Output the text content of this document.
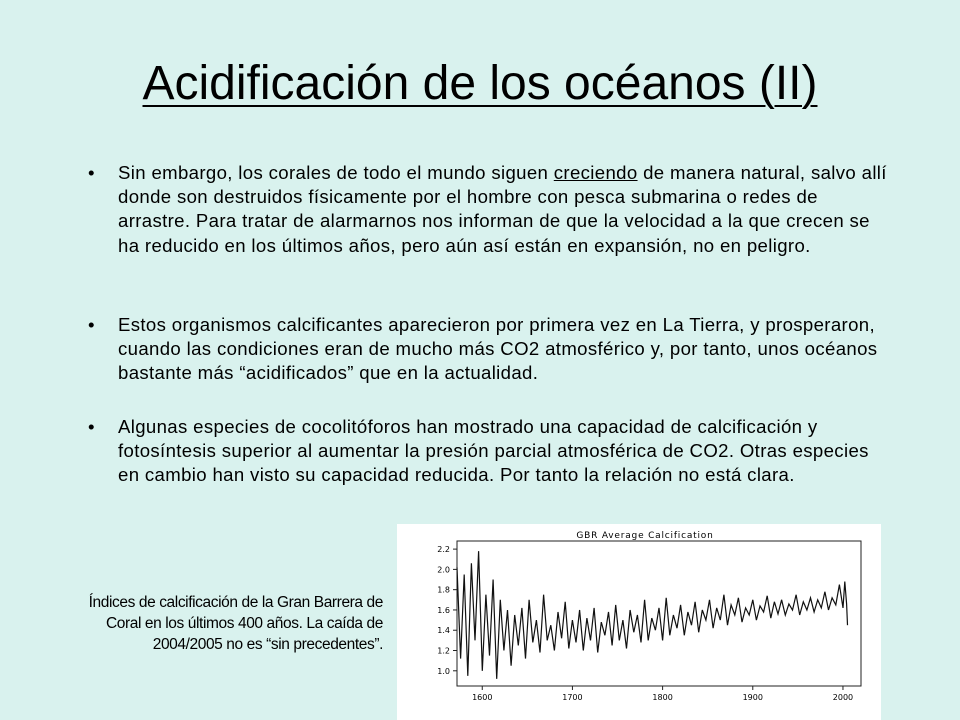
Acidificación de los océanos (II)
• Sin embargo, los corales de todo el mundo siguen creciendo de manera natural, salvo allí donde son destruidos físicamente por el hombre con pesca submarina o redes de arrastre. Para tratar de alarmarnos nos informan de que la velocidad a la que crecen se ha reducido en los últimos años, pero aún así están en expansión, no en peligro.
• Estos organismos calcificantes aparecieron por primera vez en La Tierra, y prosperaron, cuando las condiciones eran de mucho más CO2 atmosférico y, por tanto, unos océanos bastante más “acidificados” que en la actualidad.
• Algunas especies de cocolitóforos han mostrado una capacidad de calcificación y fotosíntesis superior al aumentar la presión parcial atmosférica de CO2. Otras especies en cambio han visto su capacidad reducida. Por tanto la relación no está clara.
Índices de calcificación de la Gran Barrera de Coral en los últimos 400 años. La caída de 2004/2005 no es “sin precedentes”.
GBR Average Calcification
1.0
1.2
1.4
1.6
1.8
2.0
2.2
1600	1700	1800	1900	2000
